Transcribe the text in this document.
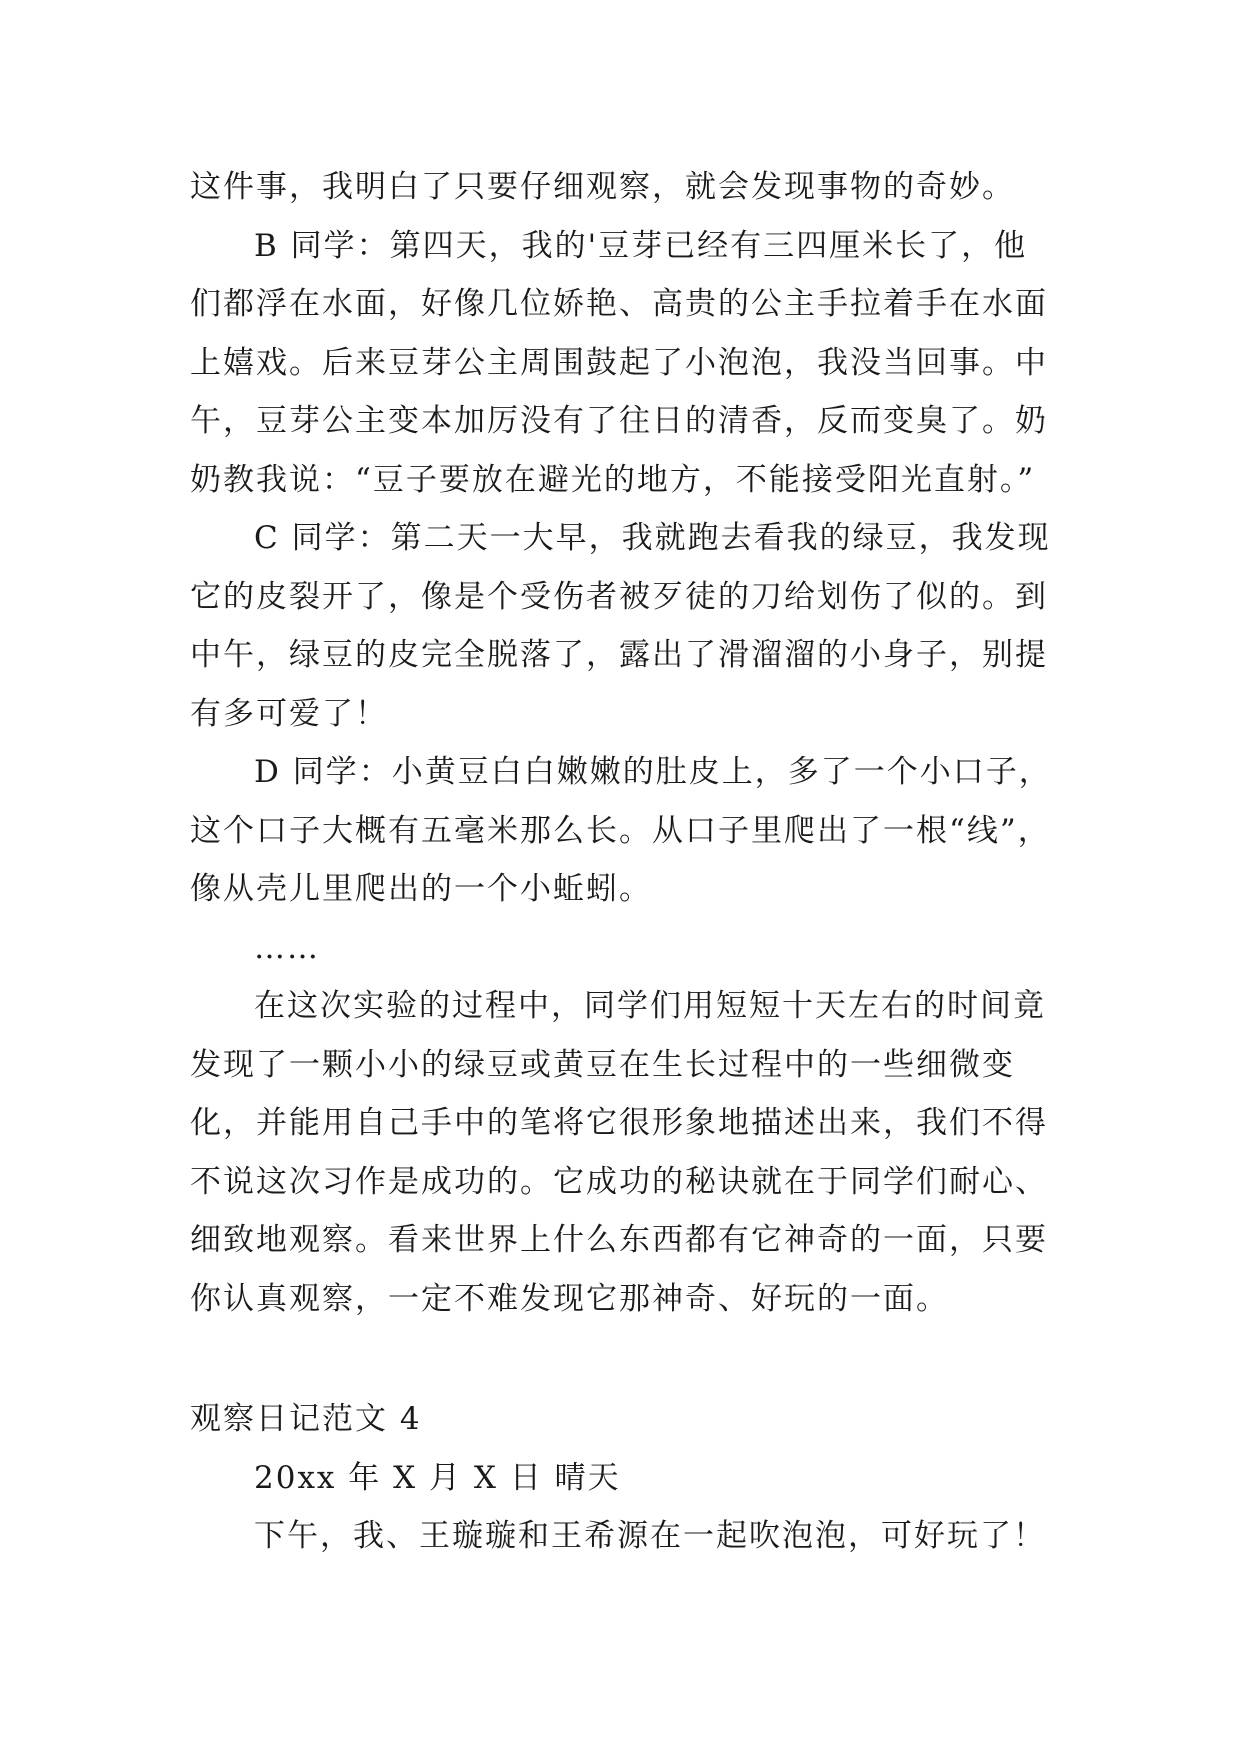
这件事，我明白了只要仔细观察，就会发现事物的奇妙。
B 同学：第四天，我的'豆芽已经有三四厘米长了，他
们都浮在水面，好像几位娇艳、高贵的公主手拉着手在水面
上嬉戏。后来豆芽公主周围鼓起了小泡泡，我没当回事。中
午，豆芽公主变本加厉没有了往日的清香，反而变臭了。奶
奶教我说：“豆子要放在避光的地方，不能接受阳光直射。”
C 同学：第二天一大早，我就跑去看我的绿豆，我发现
它的皮裂开了，像是个受伤者被歹徒的刀给划伤了似的。到
中午，绿豆的皮完全脱落了，露出了滑溜溜的小身子，别提
有多可爱了！
D 同学：小黄豆白白嫩嫩的肚皮上，多了一个小口子，
这个口子大概有五毫米那么长。从口子里爬出了一根“线”，
像从壳儿里爬出的一个小蚯蚓。
……
在这次实验的过程中，同学们用短短十天左右的时间竟
发现了一颗小小的绿豆或黄豆在生长过程中的一些细微变
化，并能用自己手中的笔将它很形象地描述出来，我们不得
不说这次习作是成功的。它成功的秘诀就在于同学们耐心、
细致地观察。看来世界上什么东西都有它神奇的一面，只要
你认真观察，一定不难发现它那神奇、好玩的一面。
观察日记范文 4
20xx 年 X 月 X 日 晴天
下午，我、王璇璇和王希源在一起吹泡泡，可好玩了！
